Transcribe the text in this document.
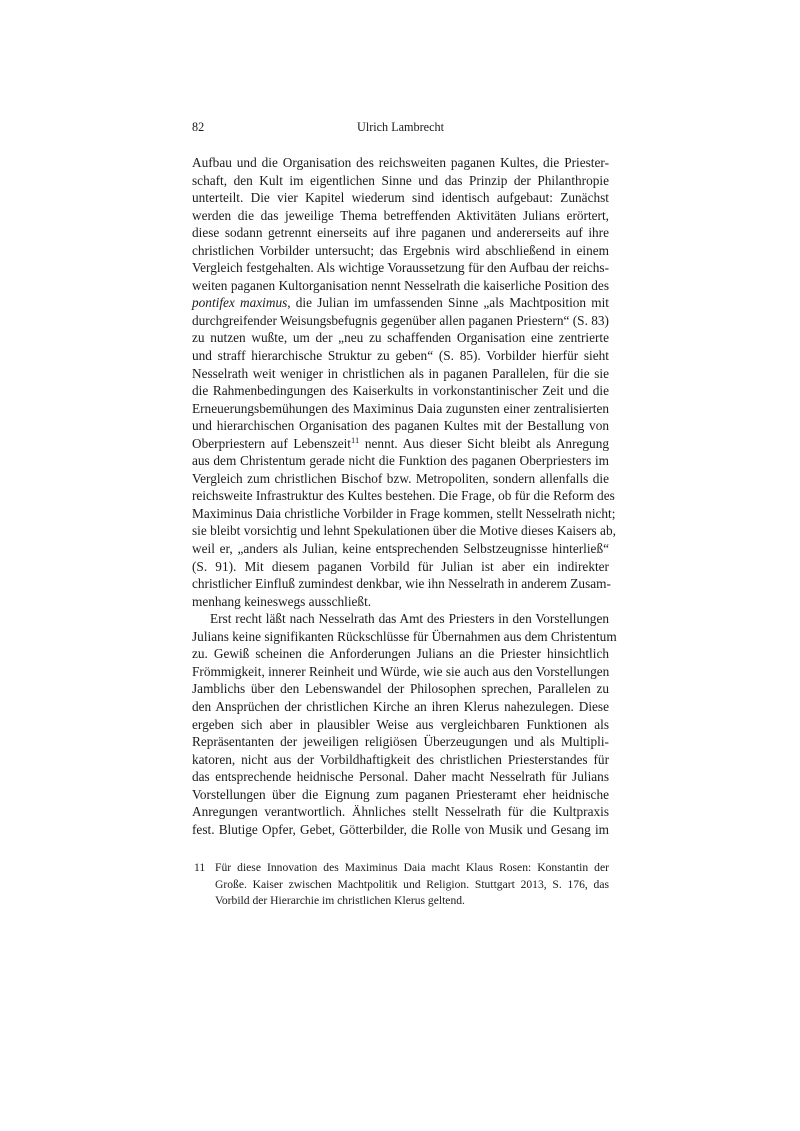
82	Ulrich Lambrecht

Aufbau und die Organisation des reichsweiten paganen Kultes, die Priester-
schaft, den Kult im eigentlichen Sinne und das Prinzip der Philanthropie
unterteilt. Die vier Kapitel wiederum sind identisch aufgebaut: Zunächst
werden die das jeweilige Thema betreffenden Aktivitäten Julians erörtert,
diese sodann getrennt einerseits auf ihre paganen und andererseits auf ihre
christlichen Vorbilder untersucht; das Ergebnis wird abschließend in einem
Vergleich festgehalten. Als wichtige Voraussetzung für den Aufbau der reichs-
weiten paganen Kultorganisation nennt Nesselrath die kaiserliche Position des
pontifex maximus, die Julian im umfassenden Sinne „als Machtposition mit
durchgreifender Weisungsbefugnis gegenüber allen paganen Priestern“ (S. 83)
zu nutzen wußte, um der „neu zu schaffenden Organisation eine zentrierte
und straff hierarchische Struktur zu geben“ (S. 85). Vorbilder hierfür sieht
Nesselrath weit weniger in christlichen als in paganen Parallelen, für die sie
die Rahmenbedingungen des Kaiserkults in vorkonstantinischer Zeit und die
Erneuerungsbemühungen des Maximinus Daia zugunsten einer zentralisierten
und hierarchischen Organisation des paganen Kultes mit der Bestallung von
Oberpriestern auf Lebenszeit$^{11}$ nennt. Aus dieser Sicht bleibt als Anregung
aus dem Christentum gerade nicht die Funktion des paganen Oberpriesters im
Vergleich zum christlichen Bischof bzw. Metropoliten, sondern allenfalls die
reichsweite Infrastruktur des Kultes bestehen. Die Frage, ob für die Reform des
Maximinus Daia christliche Vorbilder in Frage kommen, stellt Nesselrath nicht;
sie bleibt vorsichtig und lehnt Spekulationen über die Motive dieses Kaisers ab,
weil er, „anders als Julian, keine entsprechenden Selbstzeugnisse hinterließ“
(S. 91). Mit diesem paganen Vorbild für Julian ist aber ein indirekter
christlicher Einfluß zumindest denkbar, wie ihn Nesselrath in anderem Zusam-
menhang keineswegs ausschließt.

Erst recht läßt nach Nesselrath das Amt des Priesters in den Vorstellungen
Julians keine signifikanten Rückschlüsse für Übernahmen aus dem Christentum
zu. Gewiß scheinen die Anforderungen Julians an die Priester hinsichtlich
Frömmigkeit, innerer Reinheit und Würde, wie sie auch aus den Vorstellungen
Jamblichs über den Lebenswandel der Philosophen sprechen, Parallelen zu
den Ansprüchen der christlichen Kirche an ihren Klerus nahezulegen. Diese
ergeben sich aber in plausibler Weise aus vergleichbaren Funktionen als
Repräsentanten der jeweiligen religiösen Überzeugungen und als Multipli-
katoren, nicht aus der Vorbildhaftigkeit des christlichen Priesterstandes für
das entsprechende heidnische Personal. Daher macht Nesselrath für Julians
Vorstellungen über die Eignung zum paganen Priesteramt eher heidnische
Anregungen verantwortlich. Ähnliches stellt Nesselrath für die Kultpraxis
fest. Blutige Opfer, Gebet, Götterbilder, die Rolle von Musik und Gesang im

11 Für diese Innovation des Maximinus Daia macht Klaus Rosen: Konstantin der
Große. Kaiser zwischen Machtpolitik und Religion. Stuttgart 2013, S. 176, das
Vorbild der Hierarchie im christlichen Klerus geltend.
